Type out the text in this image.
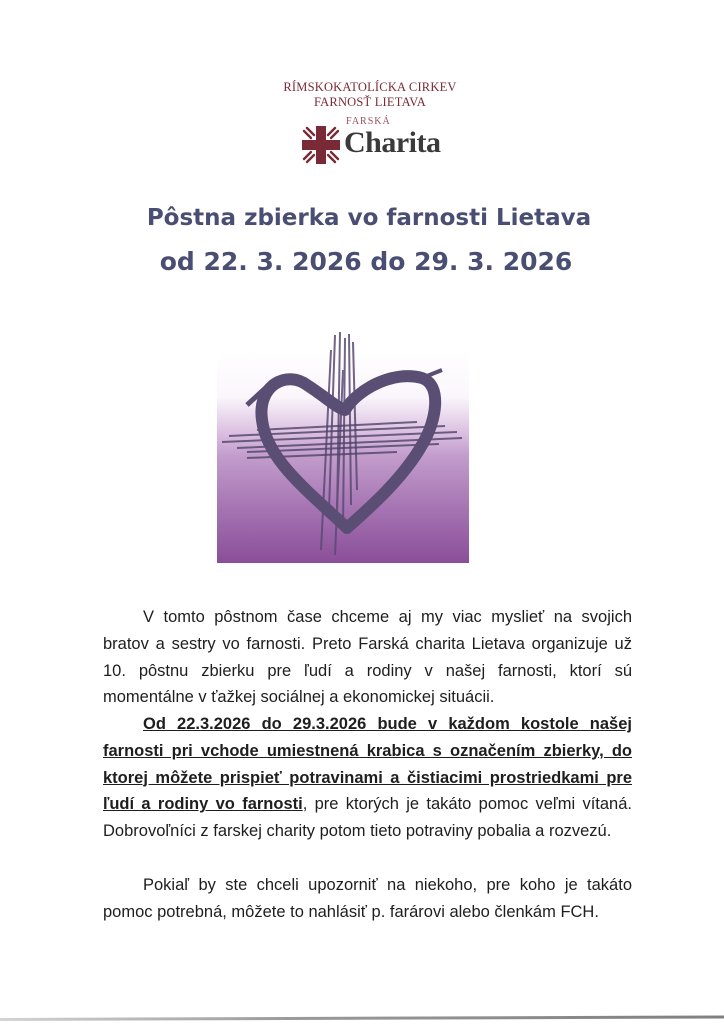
RÍMSKOKATOLÍCKA CIRKEV
FARNOSŤ LIETAVA
FARSKÁ
Charita
Pôstna zbierka vo farnosti Lietava
od 22. 3. 2026 do 29. 3. 2026
V tomto pôstnom čase chceme aj my viac myslieť na svojich bratov a sestry vo farnosti. Preto Farská charita Lietava organizuje už 10. pôstnu zbierku pre ľudí a rodiny v našej farnosti, ktorí sú momentálne v ťažkej sociálnej a ekonomickej situácii.
Od 22.3.2026 do 29.3.2026 bude v každom kostole našej farnosti pri vchode umiestnená krabica s označením zbierky, do ktorej môžete prispieť potravinami a čistiacimi prostriedkami pre ľudí a rodiny vo farnosti, pre ktorých je takáto pomoc veľmi vítaná. Dobrovoľníci z farskej charity potom tieto potraviny pobalia a rozvezú.
Pokiaľ by ste chceli upozorniť na niekoho, pre koho je takáto pomoc potrebná, môžete to nahlásiť p. farárovi alebo členkám FCH.
